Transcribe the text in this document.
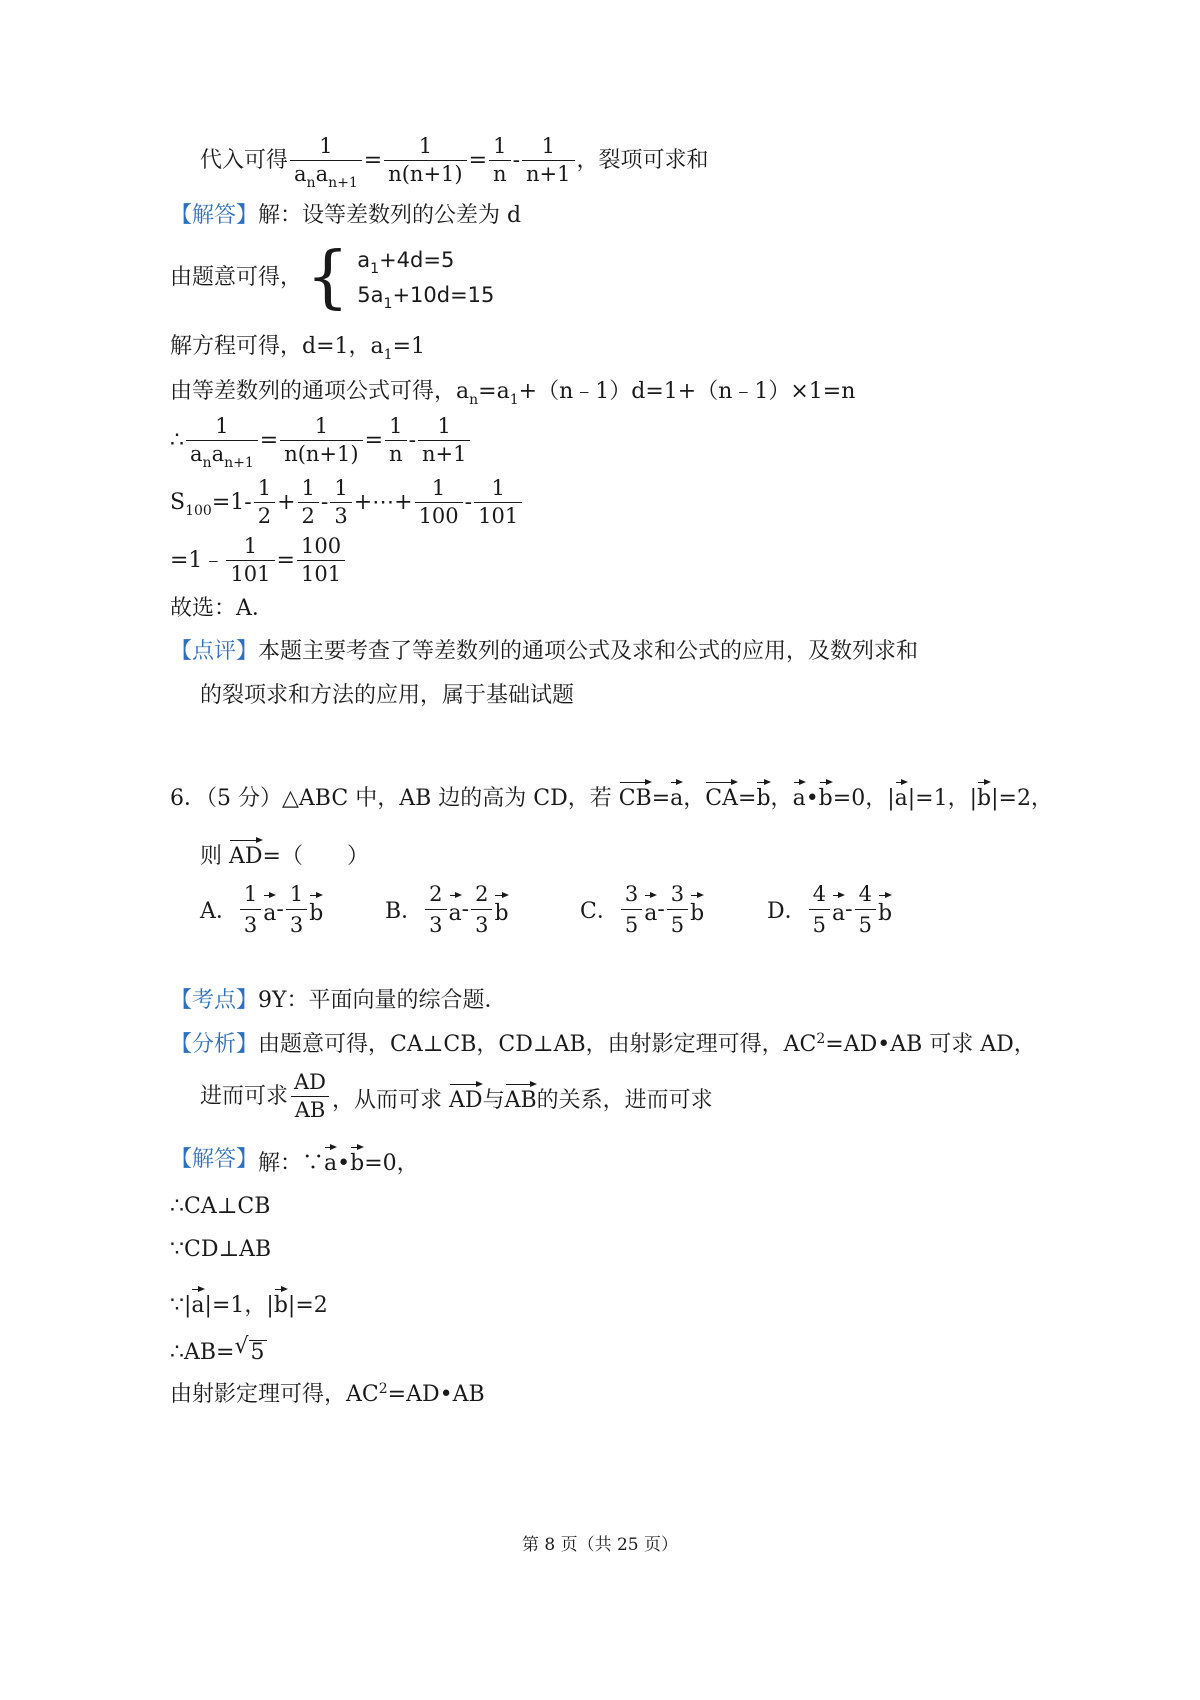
代入可得 $\frac{1}{a_na_{n+1}} = \frac{1}{n(n+1)} = \frac{1}{n} - \frac{1}{n+1}$ ，裂项可求和
【解答】 解：设等差数列的公差为 d
由题意可得， { $a_1+4d=5$
$5a_1+10d=15$
解方程可得，d=1，$a_1=1$
由等差数列的通项公式可得，$a_n=a_1+(n﹣1)d=1+(n﹣1)\times 1=n$
∴ $\frac{1}{a_na_{n+1}} = \frac{1}{n(n+1)} = \frac{1}{n} - \frac{1}{n+1}$
$S_{100}=1 - \frac{1}{2} + \frac{1}{2} - \frac{1}{3}$ +⋯+ $\frac{1}{100} - \frac{1}{101}$
=1﹣ $\frac{1}{101} = \frac{100}{101}$
故选：A．
【点评】 本题主要考查了等差数列的通项公式及求和公式的应用，及数列求和
的裂项求和方法的应用，属于基础试题
6．（5 分）△ABC 中，AB 边的高为 CD，若 CB=a，CA=b，a•b=0，|a|=1，|b|=2，
则 AD=（　　）
A． $\frac{1}{3}$ a - $\frac{1}{3}$ b	B． $\frac{2}{3}$ a - $\frac{2}{3}$ b	C． $\frac{3}{5}$ a - $\frac{3}{5}$ b	D． $\frac{4}{5}$ a - $\frac{4}{5}$ b
【考点】 9Y：平面向量的综合题．
【分析】 由题意可得，CA⊥CB，CD⊥AB，由射影定理可得，$AC^2=AD•AB$ 可求 AD，
进而可求 $\frac{AD}{AB}$ ，从而可求 AD与AB的关系，进而可求
【解答】 解：∵a•b=0，
∴CA⊥CB
∵CD⊥AB
∵|a|=1，|b|=2
∴AB=√ 5
由射影定理可得，$AC^2=AD•AB$
第 8 页（共 25 页）
